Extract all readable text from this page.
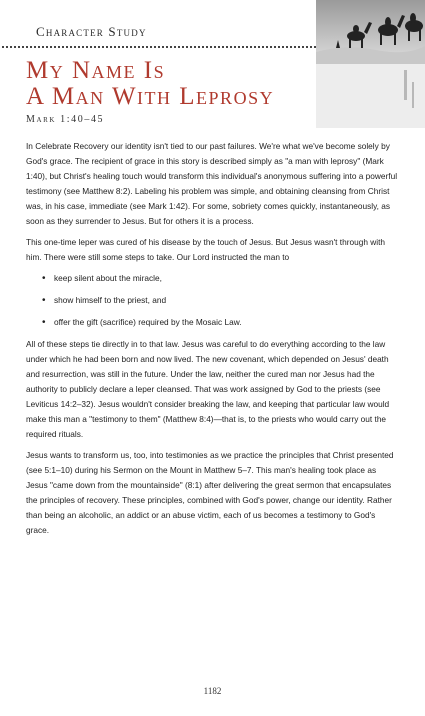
Character Study
My Name Is
A Man With Leprosy
Mark 1:40–45

In Celebrate Recovery our identity isn't tied to our past failures. We're what we've become solely by God's grace. The recipient of grace in this story is described simply as "a man with leprosy" (Mark 1:40), but Christ's healing touch would transform this individual's anonymous suffering into a powerful testimony (see Matthew 8:2). Labeling his problem was simple, and obtaining cleansing from Christ was, in his case, immediate (see Mark 1:42). For some, sobriety comes quickly, instantaneously, as soon as they surrender to Jesus. But for others it is a process.

This one-time leper was cured of his disease by the touch of Jesus. But Jesus wasn't through with him. There were still some steps to take. Our Lord instructed the man to

• keep silent about the miracle,
• show himself to the priest, and
• offer the gift (sacrifice) required by the Mosaic Law.

All of these steps tie directly in to that law. Jesus was careful to do everything according to the law under which he had been born and now lived. The new covenant, which depended on Jesus' death and resurrection, was still in the future. Under the law, neither the cured man nor Jesus had the authority to publicly declare a leper cleansed. That was work assigned by God to the priests (see Leviticus 14:2–32). Jesus wouldn't consider breaking the law, and keeping that particular law would make this man a "testimony to them" (Matthew 8:4)—that is, to the priests who would carry out the required rituals.

Jesus wants to transform us, too, into testimonies as we practice the principles that Christ presented (see 5:1–10) during his Sermon on the Mount in Matthew 5–7. This man's healing took place as Jesus "came down from the mountainside" (8:1) after delivering the great sermon that encapsulates the principles of recovery. These principles, combined with God's power, change our identity. Rather than being an alcoholic, an addict or an abuse victim, each of us becomes a testimony to God's grace.

1182
